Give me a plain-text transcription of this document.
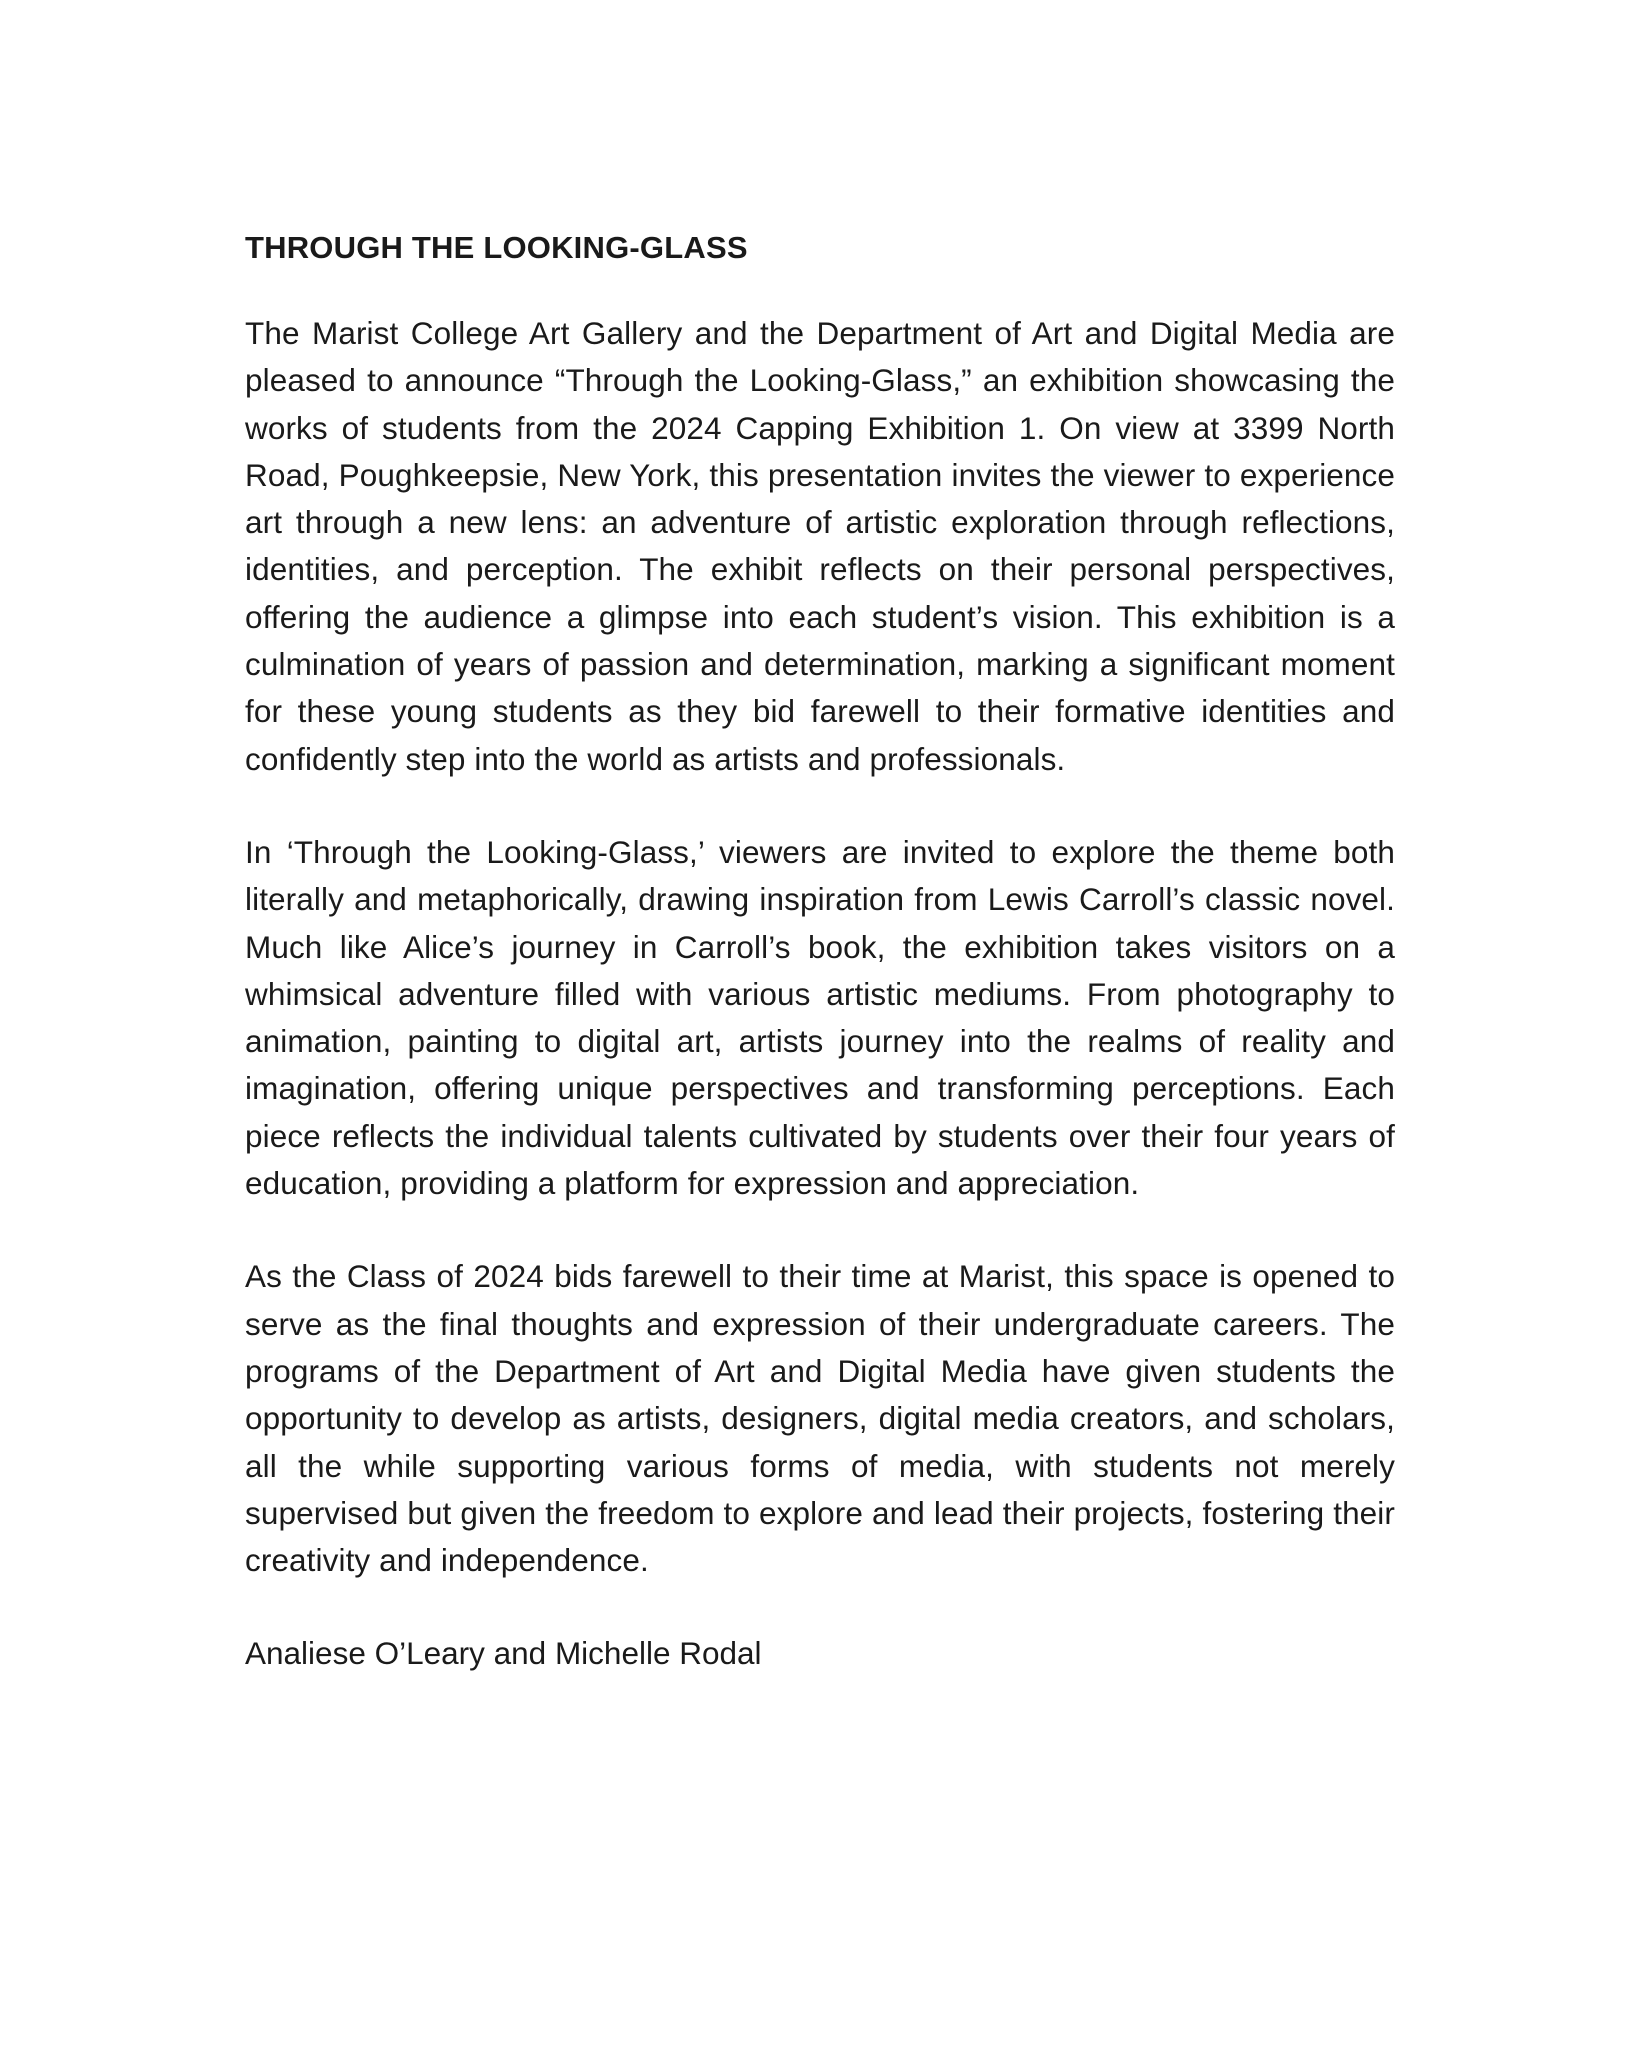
THROUGH THE LOOKING-GLASS

The Marist College Art Gallery and the Department of Art and Digital Media are pleased to announce “Through the Looking-Glass,” an exhibition showcasing the works of students from the 2024 Capping Exhibition 1. On view at 3399 North Road, Poughkeepsie, New York, this presentation invites the viewer to experience art through a new lens: an adventure of artistic exploration through reflections, identities, and perception. The exhibit reflects on their personal perspectives, offering the audience a glimpse into each student’s vision. This exhibition is a culmination of years of passion and determination, marking a significant moment for these young students as they bid farewell to their formative identities and confidently step into the world as artists and professionals.

In ‘Through the Looking-Glass,’ viewers are invited to explore the theme both literally and metaphorically, drawing inspiration from Lewis Carroll’s classic novel. Much like Alice’s journey in Carroll’s book, the exhibition takes visitors on a whimsical adventure filled with various artistic mediums. From photography to animation, painting to digital art, artists journey into the realms of reality and imagination, offering unique perspectives and transforming perceptions. Each piece reflects the individual talents cultivated by students over their four years of education, providing a platform for expression and appreciation.

As the Class of 2024 bids farewell to their time at Marist, this space is opened to serve as the final thoughts and expression of their undergraduate careers. The programs of the Department of Art and Digital Media have given students the opportunity to develop as artists, designers, digital media creators, and scholars, all the while supporting various forms of media, with students not merely supervised but given the freedom to explore and lead their projects, fostering their creativity and independence.

Analiese O’Leary and Michelle Rodal
